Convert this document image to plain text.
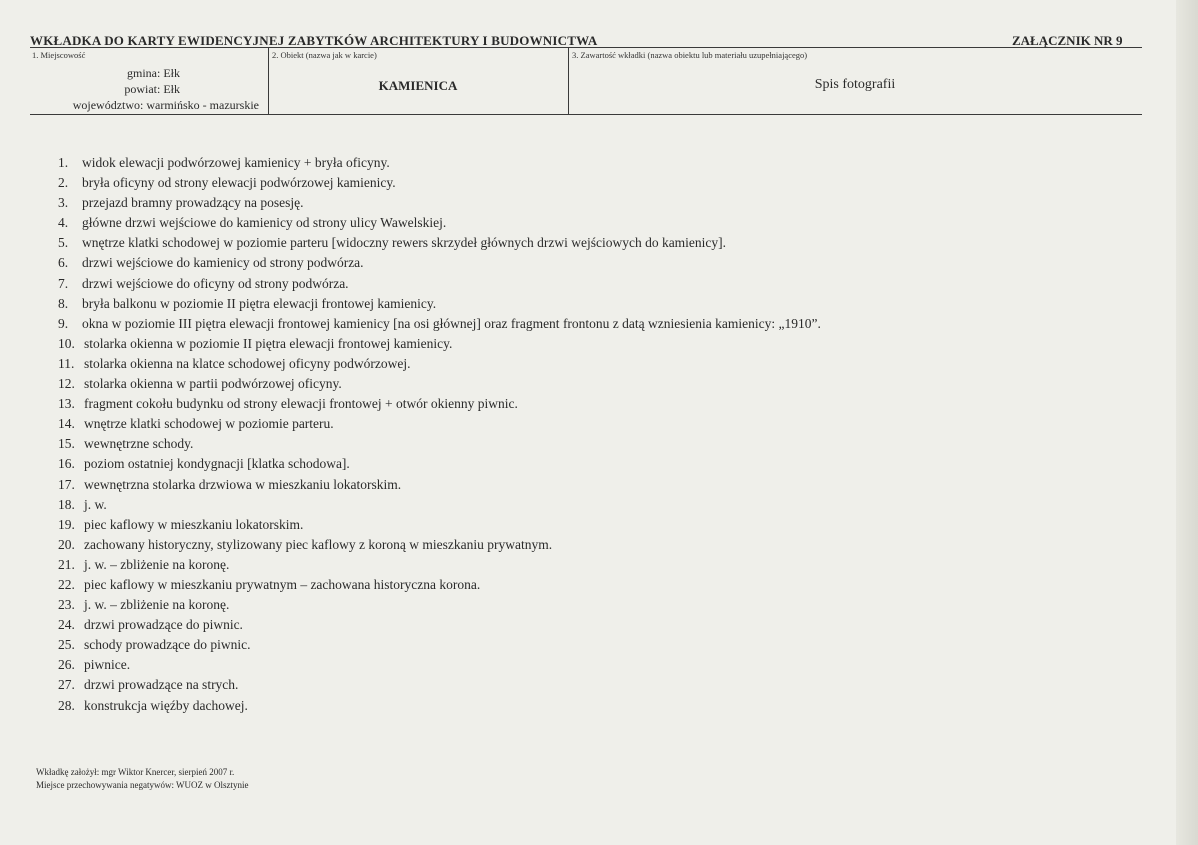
WKŁADKA DO KARTY EWIDENCYJNEJ ZABYTKÓW ARCHITEKTURY I BUDOWNICTWA	ZAŁĄCZNIK NR 9
1. Miejscowość
gmina: Ełk
powiat: Ełk
województwo: warmińsko - mazurskie
2. Obiekt (nazwa jak w karcie)
KAMIENICA
3. Zawartość wkładki (nazwa obiektu lub materiału uzupełniającego)
Spis fotografii
1. widok elewacji podwórzowej kamienicy + bryła oficyny.
2. bryła oficyny od strony elewacji podwórzowej kamienicy.
3. przejazd bramny prowadzący na posesję.
4. główne drzwi wejściowe do kamienicy od strony ulicy Wawelskiej.
5. wnętrze klatki schodowej w poziomie parteru [widoczny rewers skrzydeł głównych drzwi wejściowych do kamienicy].
6. drzwi wejściowe do kamienicy od strony podwórza.
7. drzwi wejściowe do oficyny od strony podwórza.
8. bryła balkonu w poziomie II piętra elewacji frontowej kamienicy.
9. okna w poziomie III piętra elewacji frontowej kamienicy [na osi głównej] oraz fragment frontonu z datą wzniesienia kamienicy: „1910”.
10. stolarka okienna w poziomie II piętra elewacji frontowej kamienicy.
11. stolarka okienna na klatce schodowej oficyny podwórzowej.
12. stolarka okienna w partii podwórzowej oficyny.
13. fragment cokołu budynku od strony elewacji frontowej + otwór okienny piwnic.
14. wnętrze klatki schodowej w poziomie parteru.
15. wewnętrzne schody.
16. poziom ostatniej kondygnacji [klatka schodowa].
17. wewnętrzna stolarka drzwiowa w mieszkaniu lokatorskim.
18. j. w.
19. piec kaflowy w mieszkaniu lokatorskim.
20. zachowany historyczny, stylizowany piec kaflowy z koroną w mieszkaniu prywatnym.
21. j. w. – zbliżenie na koronę.
22. piec kaflowy w mieszkaniu prywatnym – zachowana historyczna korona.
23. j. w. – zbliżenie na koronę.
24. drzwi prowadzące do piwnic.
25. schody prowadzące do piwnic.
26. piwnice.
27. drzwi prowadzące na strych.
28. konstrukcja więźby dachowej.
Wkładkę założył: mgr Wiktor Knercer, sierpień 2007 r.
Miejsce przechowywania negatywów: WUOZ w Olsztynie
